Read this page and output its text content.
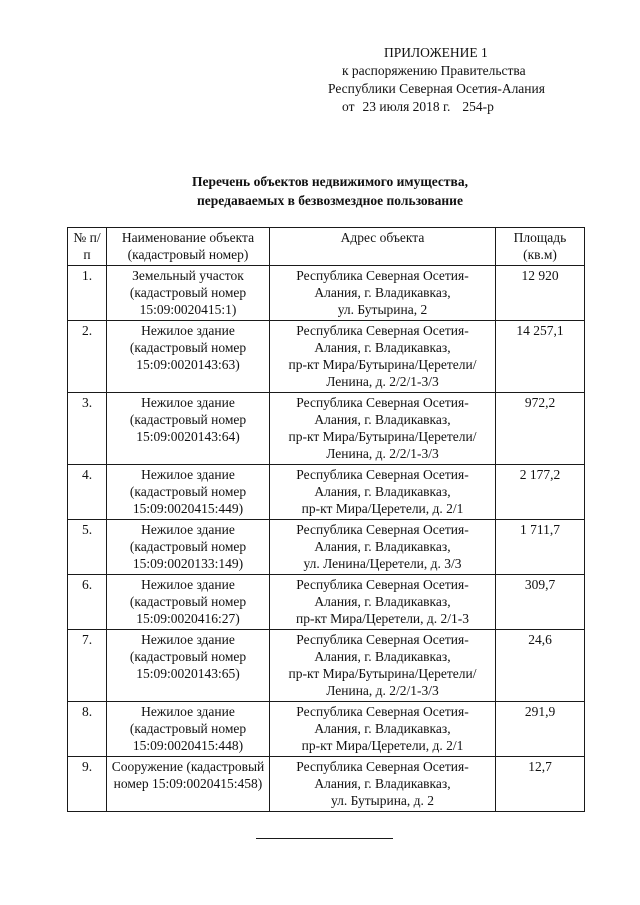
ПРИЛОЖЕНИЕ 1
к распоряжению Правительства
Республики Северная Осетия-Алания
от 23 июля 2018 г. 254-р
Перечень объектов недвижимого имущества,
передаваемых в безвозмездное пользование
№ п/п	Наименование объекта (кадастровый номер)	Адрес объекта	Площадь (кв.м)
1.	Земельный участок (кадастровый номер 15:09:0020415:1)	Республика Северная Осетия-
Алания, г. Владикавказ,
ул. Бутырина, 2	12 920
2.	Нежилое здание (кадастровый номер 15:09:0020143:63)	Республика Северная Осетия-
Алания, г. Владикавказ,
пр-кт Мира/Бутырина/Церетели/
Ленина, д. 2/2/1-3/3	14 257,1
3.	Нежилое здание (кадастровый номер 15:09:0020143:64)	Республика Северная Осетия-
Алания, г. Владикавказ,
пр-кт Мира/Бутырина/Церетели/
Ленина, д. 2/2/1-3/3	972,2
4.	Нежилое здание (кадастровый номер 15:09:0020415:449)	Республика Северная Осетия-
Алания, г. Владикавказ,
пр-кт Мира/Церетели, д. 2/1	2 177,2
5.	Нежилое здание (кадастровый номер 15:09:0020133:149)	Республика Северная Осетия-
Алания, г. Владикавказ,
ул. Ленина/Церетели, д. 3/3	1 711,7
6.	Нежилое здание (кадастровый номер 15:09:0020416:27)	Республика Северная Осетия-
Алания, г. Владикавказ,
пр-кт Мира/Церетели, д. 2/1-3	309,7
7.	Нежилое здание (кадастровый номер 15:09:0020143:65)	Республика Северная Осетия-
Алания, г. Владикавказ,
пр-кт Мира/Бутырина/Церетели/
Ленина, д. 2/2/1-3/3	24,6
8.	Нежилое здание (кадастровый номер 15:09:0020415:448)	Республика Северная Осетия-
Алания, г. Владикавказ,
пр-кт Мира/Церетели, д. 2/1	291,9
9.	Сооружение (кадастровый номер 15:09:0020415:458)	Республика Северная Осетия-
Алания, г. Владикавказ,
ул. Бутырина, д. 2	12,7
